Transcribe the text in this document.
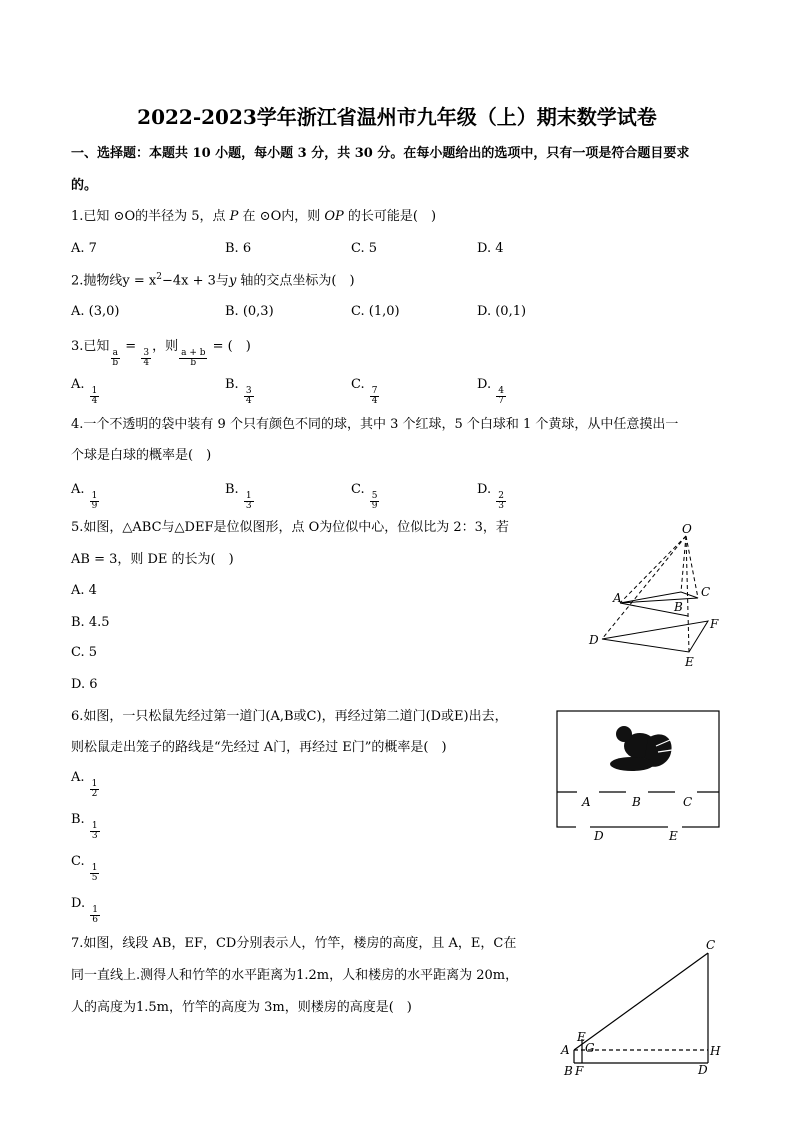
2022-2023学年浙江省温州市九年级（上）期末数学试卷
一、选择题：本题共 10 小题，每小题 3 分，共 30 分。在每小题给出的选项中，只有一项是符合题目要求
的。
1.已知 ⊙O的半径为 5，点 P 在 ⊙O内，则 OP 的长可能是(　)
A. 7	B. 6	C. 5	D. 4
2.抛物线$y = x^2-4x + 3$与y 轴的交点坐标为(　)
A. (3,0)	B. (0,3)	C. (1,0)	D. (0,1)
3.已知
$\frac{a}{b}$
=
$\frac{3}{4}$
，则
$\frac{a + b}{b}$
= (　)
A.
$\frac{1}{4}$
B.
$\frac{3}{4}$
C.
$\frac{7}{4}$
D.
$\frac{4}{7}$
4.一个不透明的袋中装有 9 个只有颜色不同的球，其中 3 个红球，5 个白球和 1 个黄球，从中任意摸出一
个球是白球的概率是(　)
A.
$\frac{1}{9}$
B.
$\frac{1}{3}$
C.
$\frac{5}{9}$
D.
$\frac{2}{3}$
5.如图，△ABC与△DEF是位似图形，点 O为位似中心，位似比为 2：3，若
AB = 3，则 DE 的长为(　)
A. 4
B. 4.5
C. 5
D. 6
O
A
B
C
D
F
E
6.如图，一只松鼠先经过第一道门(A,B或C)，再经过第二道门(D或E)出去，
则松鼠走出笼子的路线是“先经过 A门，再经过 E门”的概率是(　)
A.
$\frac{1}{2}$
B.
$\frac{1}{3}$
C.
$\frac{1}{5}$
D.
$\frac{1}{6}$
A	B	C
D	E
7.如图，线段 AB，EF，CD分别表示人，竹竿，楼房的高度，且 A，E，C在
同一直线上.测得人和竹竿的水平距离为1.2m，人和楼房的水平距离为 20m，
人的高度为1.5m，竹竿的高度为 3m，则楼房的高度是(　)
C
E
G
A	H
B F	D
